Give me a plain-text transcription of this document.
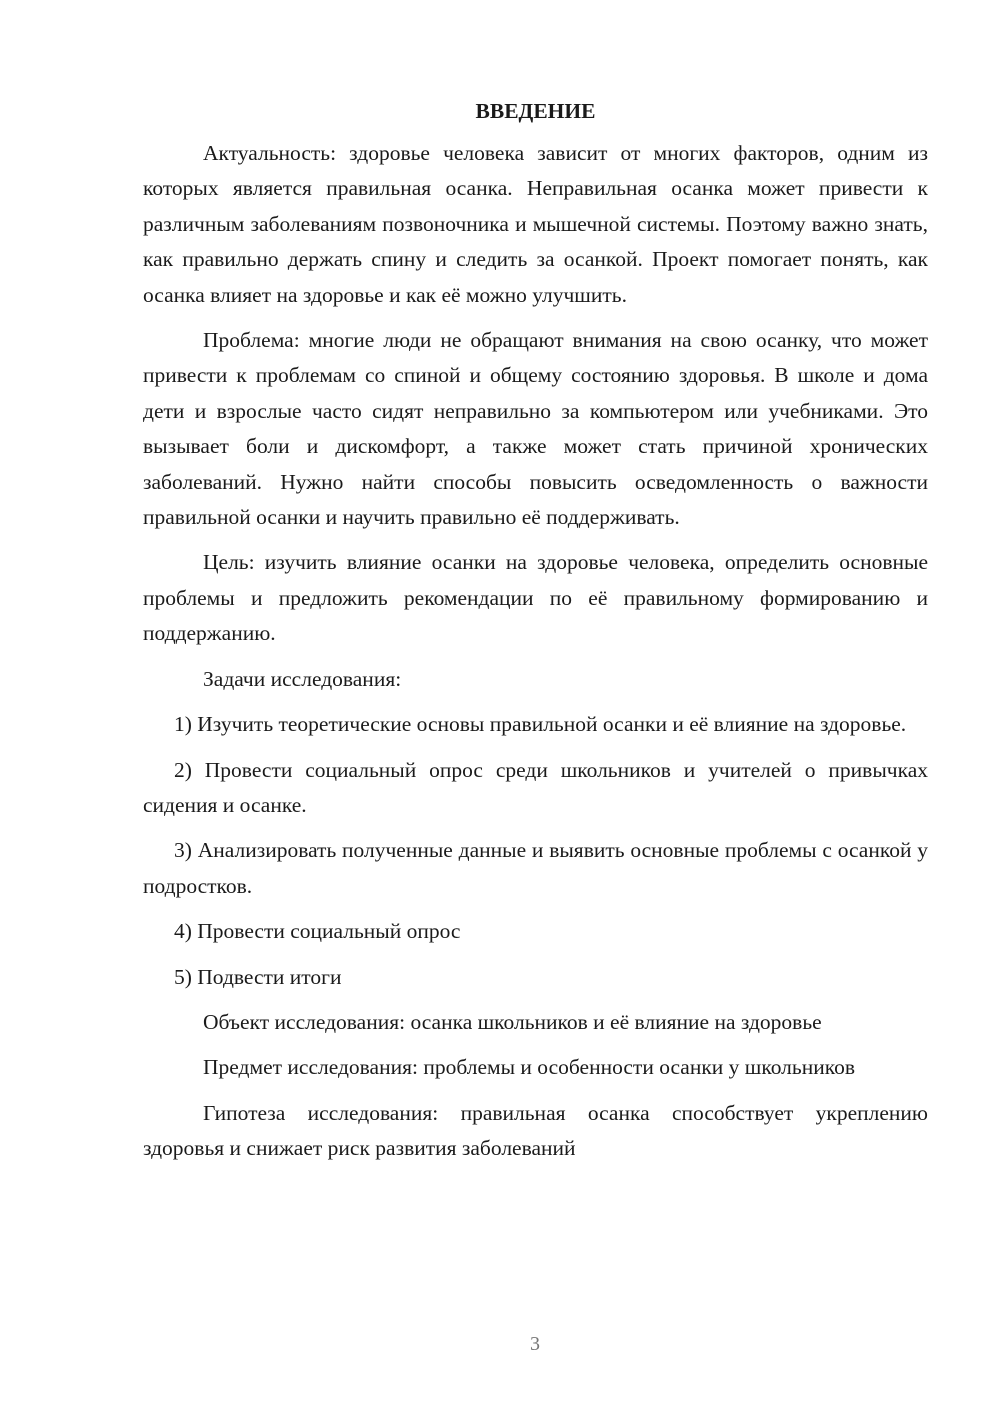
ВВЕДЕНИЕ

Актуальность: здоровье человека зависит от многих факторов, одним из которых является правильная осанка. Неправильная осанка может привести к различным заболеваниям позвоночника и мышечной системы. Поэтому важно знать, как правильно держать спину и следить за осанкой. Проект помогает понять, как осанка влияет на здоровье и как её можно улучшить.

Проблема: многие люди не обращают внимания на свою осанку, что может привести к проблемам со спиной и общему состоянию здоровья. В школе и дома дети и взрослые часто сидят неправильно за компьютером или учебниками. Это вызывает боли и дискомфорт, а также может стать причиной хронических заболеваний. Нужно найти способы повысить осведомленность о важности правильной осанки и научить правильно её поддерживать.

Цель: изучить влияние осанки на здоровье человека, определить основные проблемы и предложить рекомендации по её правильному формированию и поддержанию.

Задачи исследования:

1) Изучить теоретические основы правильной осанки и её влияние на здоровье.

2) Провести социальный опрос среди школьников и учителей о привычках сидения и осанке.

3) Анализировать полученные данные и выявить основные проблемы с осанкой у подростков.

4) Провести социальный опрос

5) Подвести итоги

Объект исследования: осанка школьников и её влияние на здоровье

Предмет исследования: проблемы и особенности осанки у школьников

Гипотеза исследования: правильная осанка способствует укреплению здоровья и снижает риск развития заболеваний

3
